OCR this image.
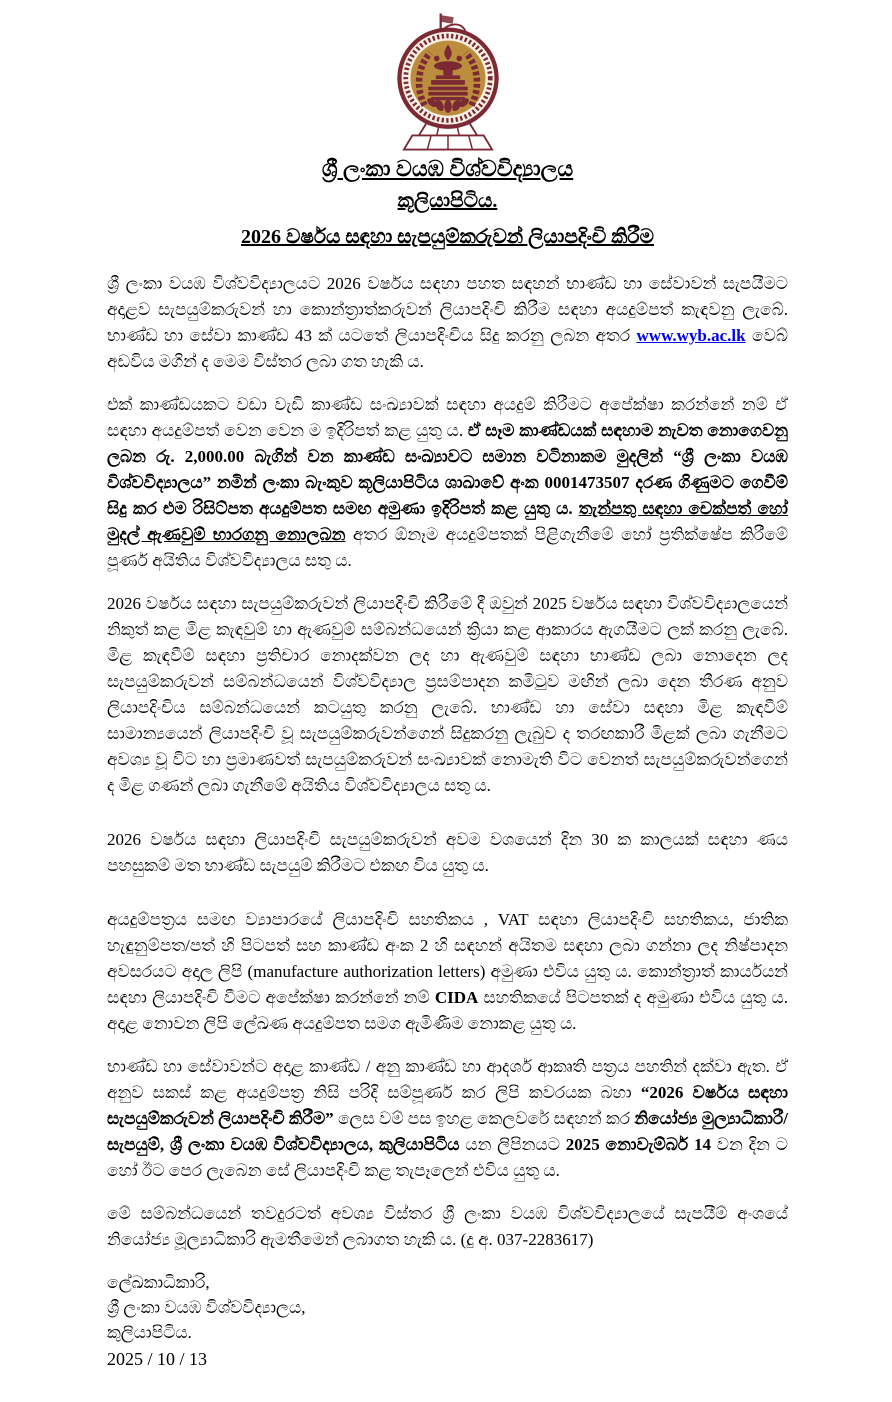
ශ්‍රී ලංකා වයඹ විශ්වවිද්‍යාලය
කූලියාපිටිය.
2026 වර්ෂය සඳහා සැපයුම්කරුවන් ලියාපදිංචි කිරීම

ශ්‍රී ලංකා වයඹ විශ්වවිද්‍යාලයට 2026 වර්ෂය සඳහා පහත සඳහන් භාණ්ඩ හා සේවාවන් සැපයීමට අදාළව සැපයුම්කරුවන් හා කොන්ත්‍රාත්කරුවන් ලියාපදිංචි කිරීම සඳහා අයදුම්පත් කැඳවනු ලැබේ. භාණ්ඩ හා සේවා කාණ්ඩ 43 ක් යටතේ ලියාපදිංචිය සිදු කරනු ලබන අතර www.wyb.ac.lk වෙබ් අඩවිය මගින් ද මෙම විස්තර ලබා ගත හැකි ය.

එක් කාණ්ඩයකට වඩා වැඩි කාණ්ඩ සංඛ්‍යාවක් සඳහා අයදුම් කිරීමට අපේක්ෂා කරන්නේ නම් ඒ සඳහා අයදුම්පත් වෙන වෙන ම ඉදිරිපත් කළ යුතු ය. ඒ සෑම කාණ්ඩයක් සඳහාම නැවත නොගෙවනු ලබන රු. 2,000.00 බැගින් වන කාණ්ඩ සංඛ්‍යාවට සමාන වටිනාකම මුදලින් “ශ්‍රී ලංකා වයඹ විශ්වවිද්‍යාලය” නමින් ලංකා බැංකුව කූලියාපිටිය ශාඛාවේ අංක 0001473507 දරණ ගිණුමට ගෙවීම් සිදු කර එම රිසිට්පත අයදුම්පත සමඟ අමුණා ඉදිරිපත් කළ යුතු ය. තැන්පතු සඳහා චෙක්පත් හෝ මුදල් ඇණවුම් භාරගනු නොලබන අතර ඕනෑම අයදුම්පතක් පිළිගැනීමේ හෝ ප්‍රතික්ෂේප කිරීමේ පූර්ණ අයිතිය විශ්වවිද්‍යාලය සතු ය.

2026 වර්ෂය සඳහා සැපයුම්කරුවන් ලියාපදිංචි කිරීමේ දී ඔවුන් 2025 වර්ෂය සඳහා විශ්වවිද්‍යාලයෙන් නිකුත් කළ මිළ කැඳවුම් හා ඇණවුම් සම්බන්ධයෙන් ක්‍රියා කළ ආකාරය ඇගයීමට ලක් කරනු ලැබේ. මිළ කැඳවීම් සඳහා ප්‍රතිචාර නොදක්වන ලද හා ඇණවුම් සඳහා භාණ්ඩ ලබා නොදෙන ලද සැපයුම්කරුවන් සම්බන්ධයෙන් විශ්වවිද්‍යාල ප්‍රසම්පාදන කමිටුව මඟින් ලබා දෙන තීරණ අනුව ලියාපදිංචිය සම්බන්ධයෙන් කටයුතු කරනු ලැබේ. භාණ්ඩ හා සේවා සඳහා මිළ කැඳවීම් සාමාන්‍යයෙන් ලියාපදිංචි වූ සැපයුම්කරුවන්ගෙන් සිදුකරනු ලැබුව ද තරඟකාරී මිළක් ලබා ගැනීමට අවශ්‍ය වූ විට හා ප්‍රමාණවත් සැපයුම්කරුවන් සංඛ්‍යාවක් නොමැති විට වෙනත් සැපයුම්කරුවන්ගෙන් ද මිළ ගණන් ලබා ගැනීමේ අයිතිය විශ්වවිද්‍යාලය සතු ය.

2026 වර්ෂය සඳහා ලියාපදිංචි සැපයුම්කරුවන් අවම වශයෙන් දින 30 ක කාලයක් සඳහා ණය පහසුකම් මත භාණ්ඩ සැපයුම් කිරීමට එකඟ විය යුතු ය.

අයදුම්පත්‍රය සමඟ ව්‍යාපාරයේ ලියාපදිංචි සහතිකය , VAT සඳහා ලියාපදිංචි සහතිකය, ජාතික හැඳුනුම්පත/පත් හි පිටපත් සහ කාණ්ඩ අංක 2 හි සඳහන් අයිතම සඳහා ලබා ගන්නා ලද නිෂ්පාදන අවසරයට අදාල ලිපි (manufacture authorization letters) අමුණා එවිය යුතු ය. කොන්ත්‍රාත් කාර්යයන් සඳහා ලියාපදිංචි වීමට අපේක්ෂා කරන්නේ නම් CIDA සහතිකයේ පිටපතක් ද අමුණා එවිය යුතු ය. අදාළ නොවන ලිපි ලේඛණ අයදුම්පත සමග ඇමිණීම නොකළ යුතු ය.

භාණ්ඩ හා සේවාවන්ට අදාළ කාණ්ඩ / අනු කාණ්ඩ හා ආදර්ශ ආකෘති පත්‍රය පහතින් දක්වා ඇත. ඒ අනුව සකස් කළ අයදුම්පත්‍ර නිසි පරිදි සම්පූර්ණ කර ලිපි කවරයක බහා “2026 වර්ෂය සඳහා සැපයුම්කරුවන් ලියාපදිංචි කිරීම” ලෙස වම් පස ඉහළ කෙලවරේ සඳහන් කර නියෝජ්‍ය මුල්‍යාධිකාරී/ සැපයුම්, ශ්‍රී ලංකා වයඹ විශ්වවිද්‍යාලය, කුලියාපිටිය යන ලිපිනයට 2025 නොවැම්බර් 14 වන දින ට හෝ ඊට පෙර ලැබෙන සේ ලියාපදිංචි කළ තැපෑලෙන් එවිය යුතු ය.

මේ සම්බන්ධයෙන් තවදුරටත් අවශ්‍ය විස්තර ශ්‍රී ලංකා වයඹ විශ්වවිද්‍යාලයේ සැපයීම් අංශයේ නියෝජ්‍ය මූල්‍යාධිකාරි ඇමතීමෙන් ලබාගත හැකි ය. (දු අ. 037-2283617)

ලේඛකාධිකාරි,

ශ්‍රී ලංකා වයඹ විශ්වවිද්‍යාලය,

කුලියාපිටිය.

2025 / 10 / 13
